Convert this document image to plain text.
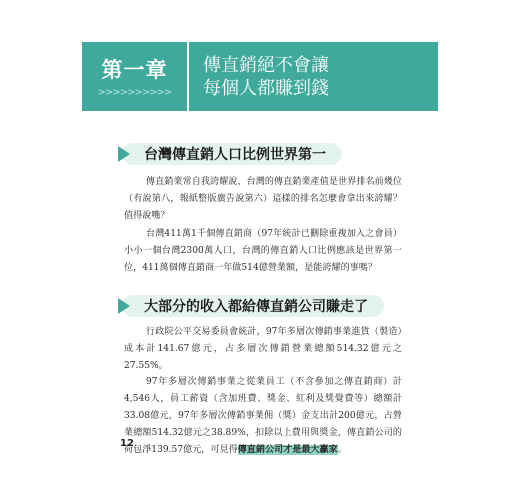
第一章
>>>>>>>>>>
傳直銷絕不會讓
每個人都賺到錢
台灣傳直銷人口比例世界第一

傳直銷業常自我誇耀說，台灣的傳直銷業產值是世界排名前幾位（有說第八，報紙整版廣告說第六）這樣的排名怎麼會拿出來誇耀？值得說嘴？

台灣411萬1千個傳直銷商（97年統計已刪除重複加入之會員） 小小一個台灣2300萬人口，台灣的傳直銷人口比例應該是世界第一位，411萬個傳直銷商一年做514億營業額，是能誇耀的事嗎？

大部分的收入都給傳直銷公司賺走了

行政院公平交易委員會統計，97年多層次傳銷事業進貨（製造）成本計141.67億元，占多層次傳銷營業總額514.32億元之27.55%。

97年多層次傳銷事業之從業員工（不含參加之傳直銷商）計4,546人，員工薪資（含加班費、獎金、紅利及獎覺費等）總額計33.08億元，97年多層次傳銷事業佣（獎）金支出計200億元，占營業總額514.32億元之38.89%，扣除以上費用與獎金，傳直銷公司的荷包淨139.57億元，可見得傳直銷公司才是最大贏家。

12
